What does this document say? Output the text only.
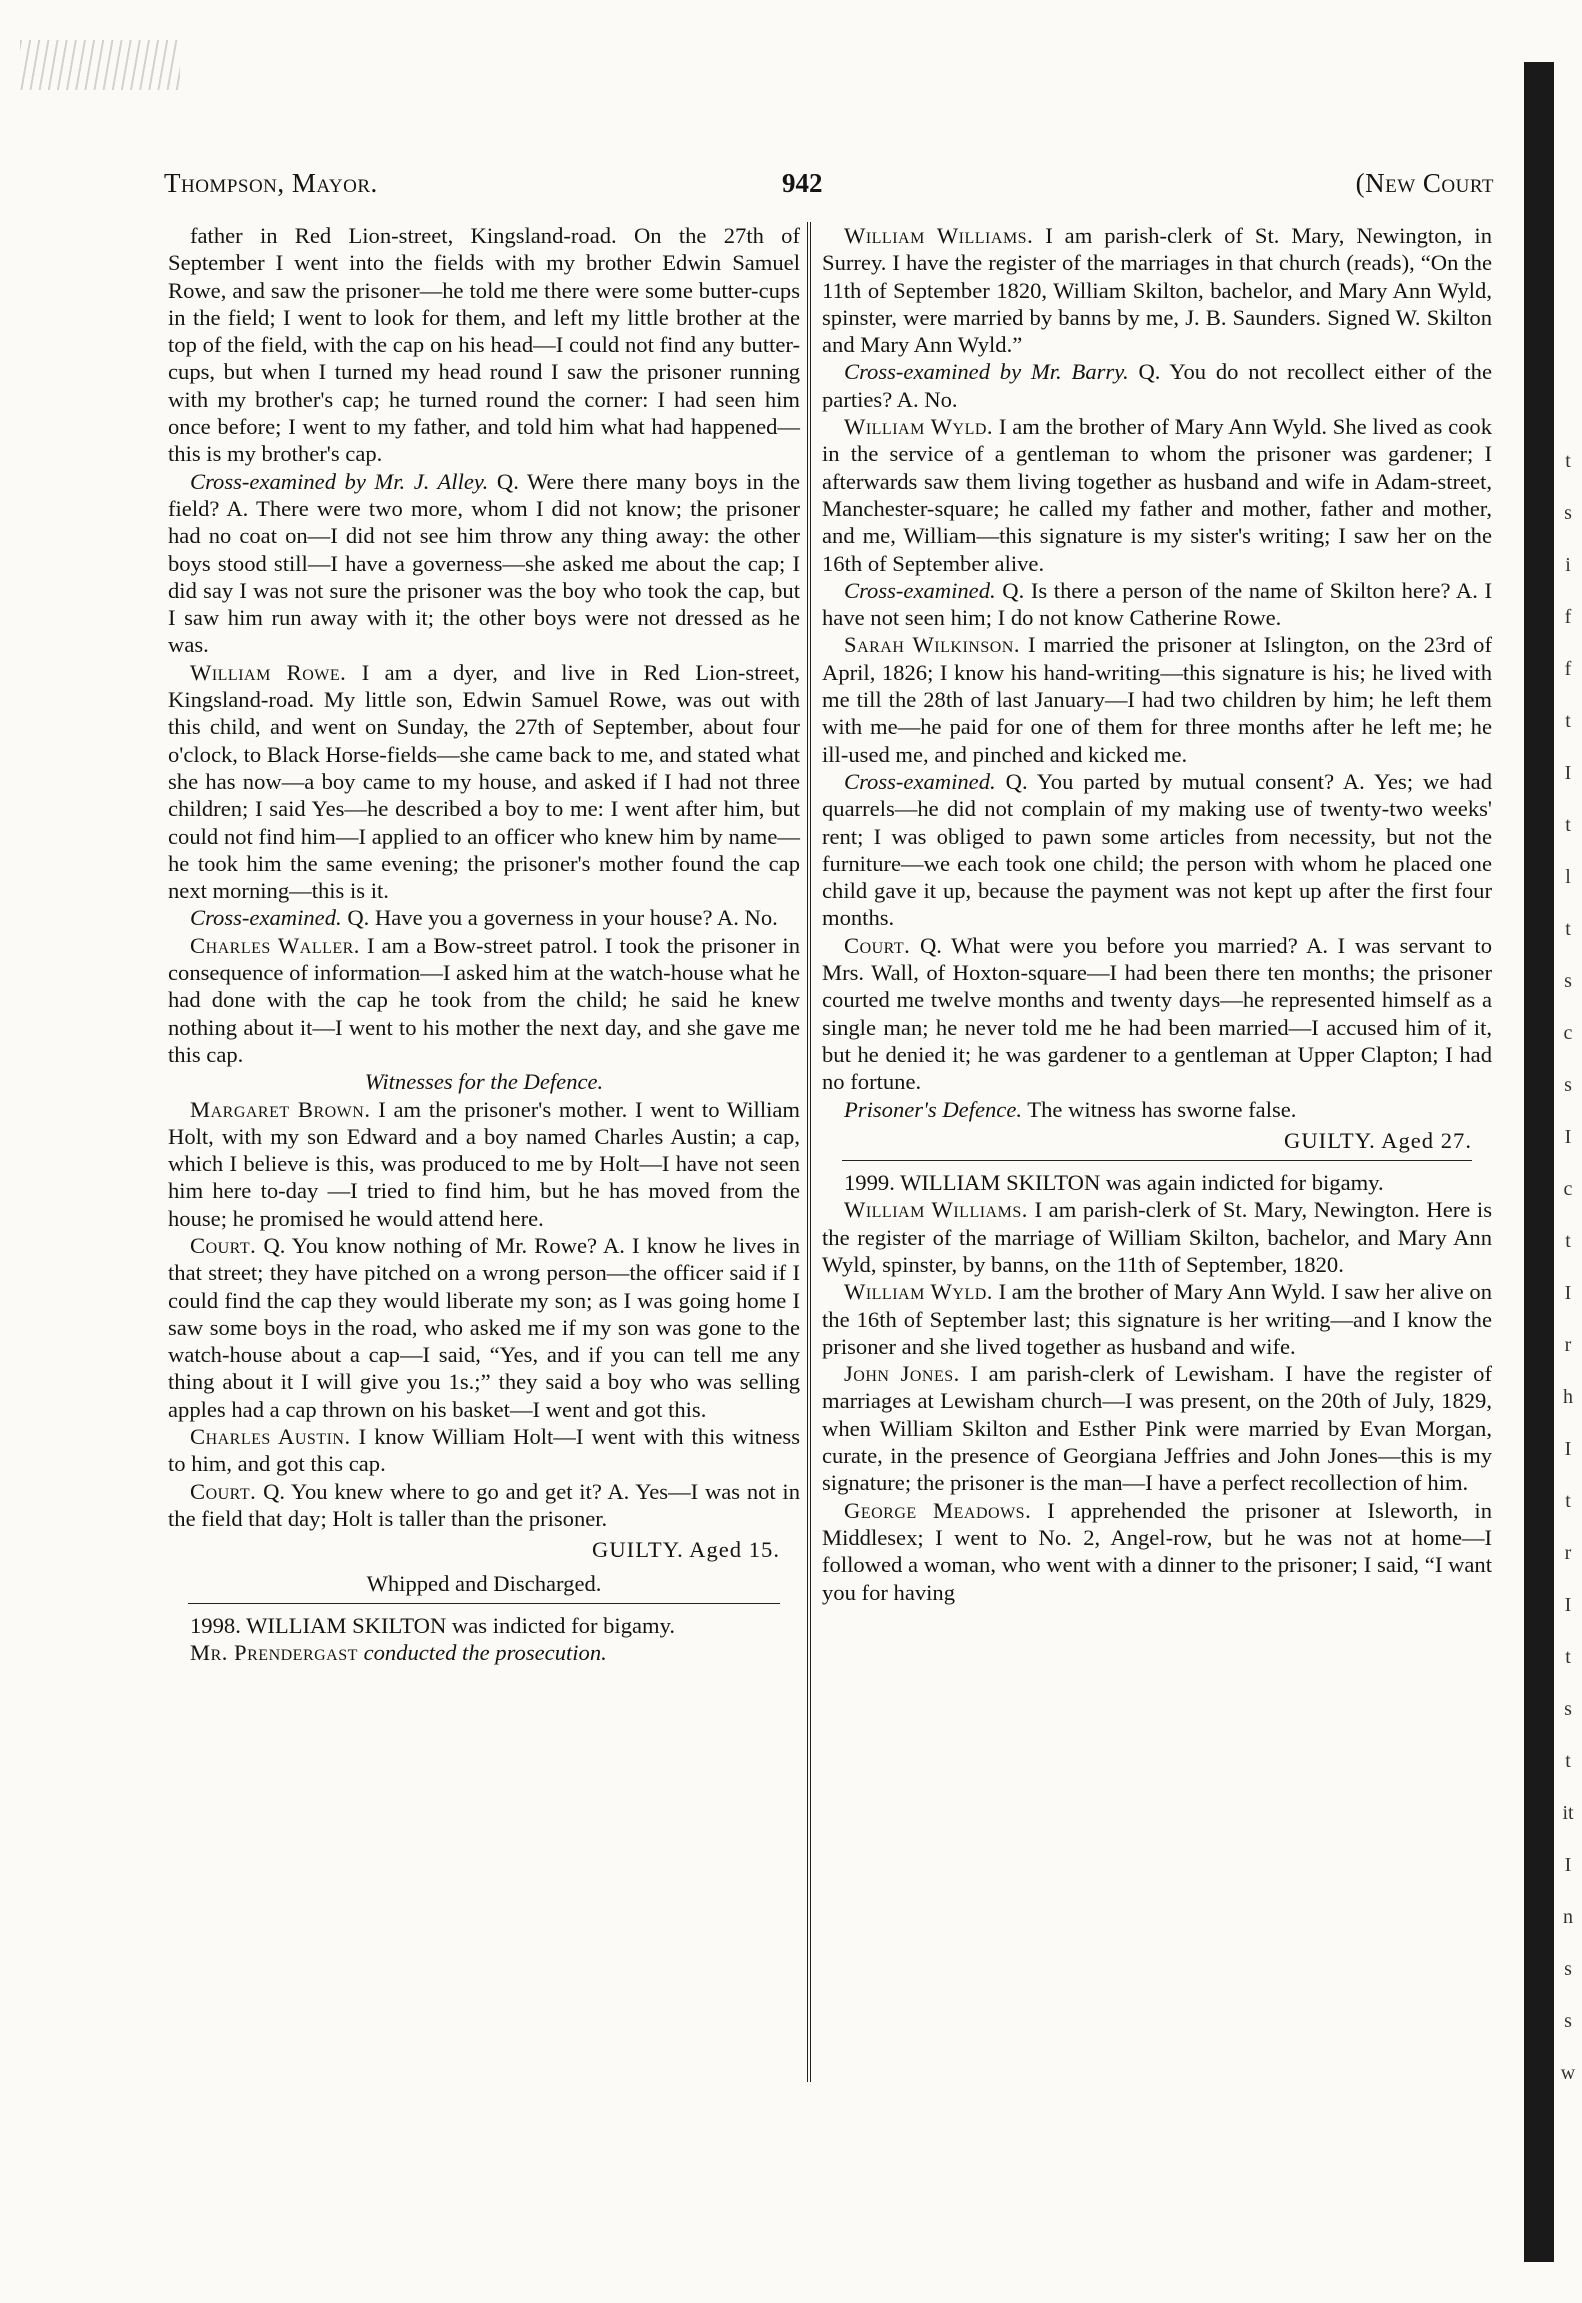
Thompson, Mayor.	942	(New Court

father in Red Lion-street, Kingsland-road. On the 27th of September I went into the fields with my brother Edwin Samuel Rowe, and saw the prisoner—he told me there were some butter-cups in the field; I went to look for them, and left my little brother at the top of the field, with the cap on his head—I could not find any butter-cups, but when I turned my head round I saw the prisoner running with my brother's cap; he turned round the corner: I had seen him once before; I went to my father, and told him what had happened—this is my brother's cap.

Cross-examined by Mr. J. Alley. Q. Were there many boys in the field? A. There were two more, whom I did not know; the prisoner had no coat on—I did not see him throw any thing away: the other boys stood still—I have a governess—she asked me about the cap; I did say I was not sure the prisoner was the boy who took the cap, but I saw him run away with it; the other boys were not dressed as he was.

William Rowe. I am a dyer, and live in Red Lion-street, Kingsland-road. My little son, Edwin Samuel Rowe, was out with this child, and went on Sunday, the 27th of September, about four o'clock, to Black Horse-fields—she came back to me, and stated what she has now—a boy came to my house, and asked if I had not three children; I said Yes—he described a boy to me: I went after him, but could not find him—I applied to an officer who knew him by name—he took him the same evening; the prisoner's mother found the cap next morning—this is it.

Cross-examined. Q. Have you a governess in your house? A. No.

Charles Waller. I am a Bow-street patrol. I took the prisoner in consequence of information—I asked him at the watch-house what he had done with the cap he took from the child; he said he knew nothing about it—I went to his mother the next day, and she gave me this cap.

Witnesses for the Defence.

Margaret Brown. I am the prisoner's mother. I went to William Holt, with my son Edward and a boy named Charles Austin; a cap, which I believe is this, was produced to me by Holt—I have not seen him here to-day —I tried to find him, but he has moved from the house; he promised he would attend here.

Court. Q. You know nothing of Mr. Rowe? A. I know he lives in that street; they have pitched on a wrong person—the officer said if I could find the cap they would liberate my son; as I was going home I saw some boys in the road, who asked me if my son was gone to the watch-house about a cap—I said, “Yes, and if you can tell me any thing about it I will give you 1s.;” they said a boy who was selling apples had a cap thrown on his basket—I went and got this.

Charles Austin. I know William Holt—I went with this witness to him, and got this cap.

Court. Q. You knew where to go and get it? A. Yes—I was not in the field that day; Holt is taller than the prisoner.

GUILTY. Aged 15.

Whipped and Discharged.

1998. WILLIAM SKILTON was indicted for bigamy.

Mr. Prendergast conducted the prosecution.

William Williams. I am parish-clerk of St. Mary, Newington, in Surrey. I have the register of the marriages in that church (reads), “On the 11th of September 1820, William Skilton, bachelor, and Mary Ann Wyld, spinster, were married by banns by me, J. B. Saunders. Signed W. Skilton and Mary Ann Wyld.”

Cross-examined by Mr. Barry. Q. You do not recollect either of the parties? A. No.

William Wyld. I am the brother of Mary Ann Wyld. She lived as cook in the service of a gentleman to whom the prisoner was gardener; I afterwards saw them living together as husband and wife in Adam-street, Manchester-square; he called my father and mother, father and mother, and me, William—this signature is my sister's writing; I saw her on the 16th of September alive.

Cross-examined. Q. Is there a person of the name of Skilton here? A. I have not seen him; I do not know Catherine Rowe.

Sarah Wilkinson. I married the prisoner at Islington, on the 23rd of April, 1826; I know his hand-writing—this signature is his; he lived with me till the 28th of last January—I had two children by him; he left them with me—he paid for one of them for three months after he left me; he ill-used me, and pinched and kicked me.

Cross-examined. Q. You parted by mutual consent? A. Yes; we had quarrels—he did not complain of my making use of twenty-two weeks' rent; I was obliged to pawn some articles from necessity, but not the furniture—we each took one child; the person with whom he placed one child gave it up, because the payment was not kept up after the first four months.

Court. Q. What were you before you married? A. I was servant to Mrs. Wall, of Hoxton-square—I had been there ten months; the prisoner courted me twelve months and twenty days—he represented himself as a single man; he never told me he had been married—I accused him of it, but he denied it; he was gardener to a gentleman at Upper Clapton; I had no fortune.

Prisoner's Defence. The witness has sworne false.

GUILTY. Aged 27.

1999. WILLIAM SKILTON was again indicted for bigamy.

William Williams. I am parish-clerk of St. Mary, Newington. Here is the register of the marriage of William Skilton, bachelor, and Mary Ann Wyld, spinster, by banns, on the 11th of September, 1820.

William Wyld. I am the brother of Mary Ann Wyld. I saw her alive on the 16th of September last; this signature is her writing—and I know the prisoner and she lived together as husband and wife.

John Jones. I am parish-clerk of Lewisham. I have the register of marriages at Lewisham church—I was present, on the 20th of July, 1829, when William Skilton and Esther Pink were married by Evan Morgan, curate, in the presence of Georgiana Jeffries and John Jones—this is my signature; the prisoner is the man—I have a perfect recollection of him.

George Meadows. I apprehended the prisoner at Isleworth, in Middlesex; I went to No. 2, Angel-row, but he was not at home—I followed a woman, who went with a dinner to the prisoner; I said, “I want you for having

t
s
i
f
f
t
I
t
l
t
s
c
s
I
c
t
I
r
h
I
t
r
I
t
s
t
it
I
n
s
s
w
